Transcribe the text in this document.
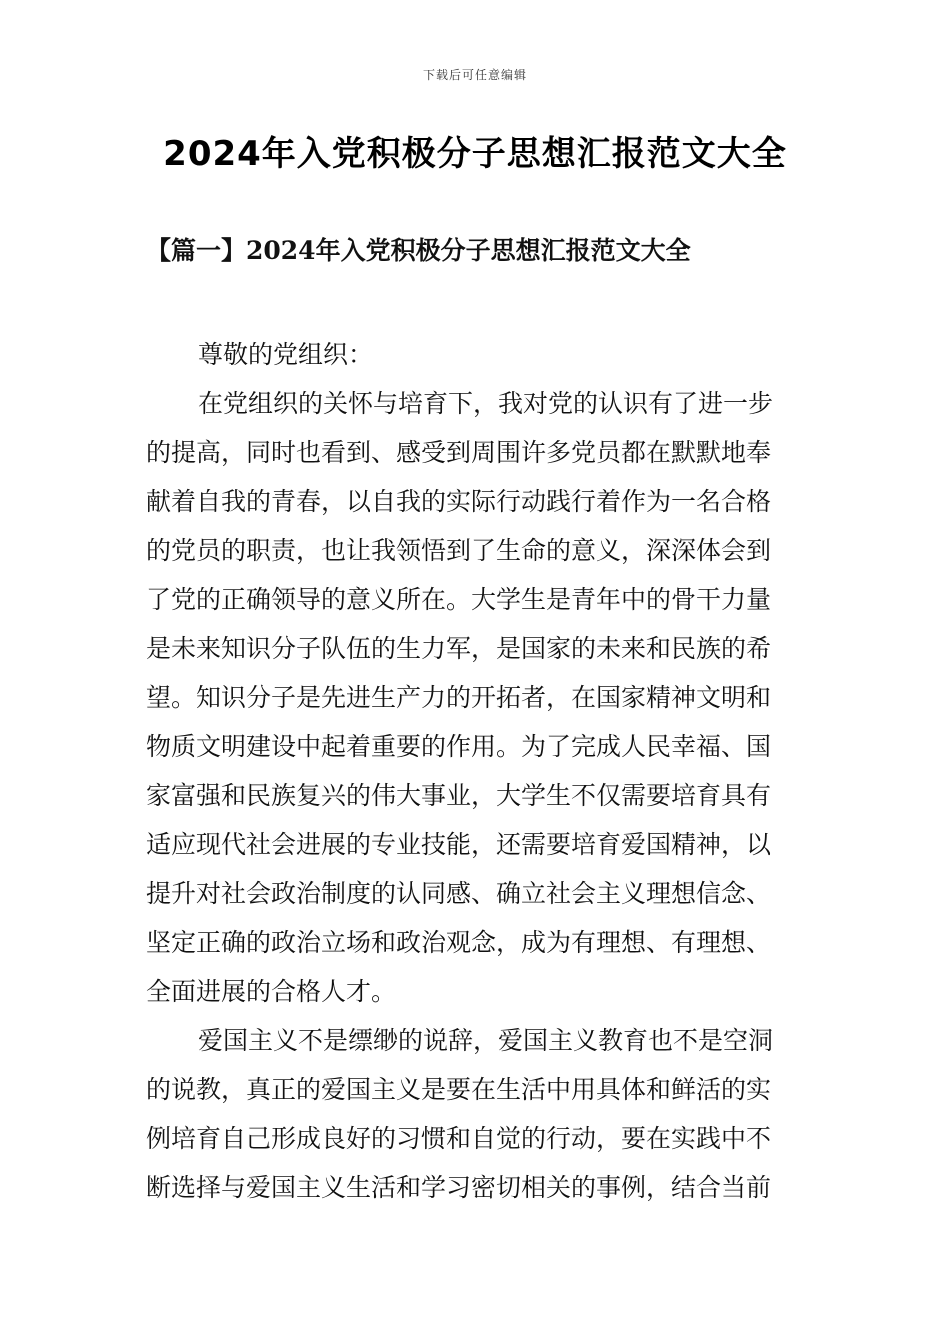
下载后可任意编辑
2024年入党积极分子思想汇报范文大全
【篇一】2024年入党积极分子思想汇报范文大全

尊敬的党组织：

在党组织的关怀与培育下，我对党的认识有了进一步
的提高，同时也看到、感受到周围许多党员都在默默地奉
献着自我的青春，以自我的实际行动践行着作为一名合格
的党员的职责，也让我领悟到了生命的意义，深深体会到
了党的正确领导的意义所在。大学生是青年中的骨干力量
是未来知识分子队伍的生力军，是国家的未来和民族的希
望。知识分子是先进生产力的开拓者，在国家精神文明和
物质文明建设中起着重要的作用。为了完成人民幸福、国
家富强和民族复兴的伟大事业，大学生不仅需要培育具有
适应现代社会进展的专业技能，还需要培育爱国精神，以
提升对社会政治制度的认同感、确立社会主义理想信念、
坚定正确的政治立场和政治观念，成为有理想、有理想、
全面进展的合格人才。

爱国主义不是缥缈的说辞，爱国主义教育也不是空洞
的说教，真正的爱国主义是要在生活中用具体和鲜活的实
例培育自己形成良好的习惯和自觉的行动，要在实践中不
断选择与爱国主义生活和学习密切相关的事例，结合当前
